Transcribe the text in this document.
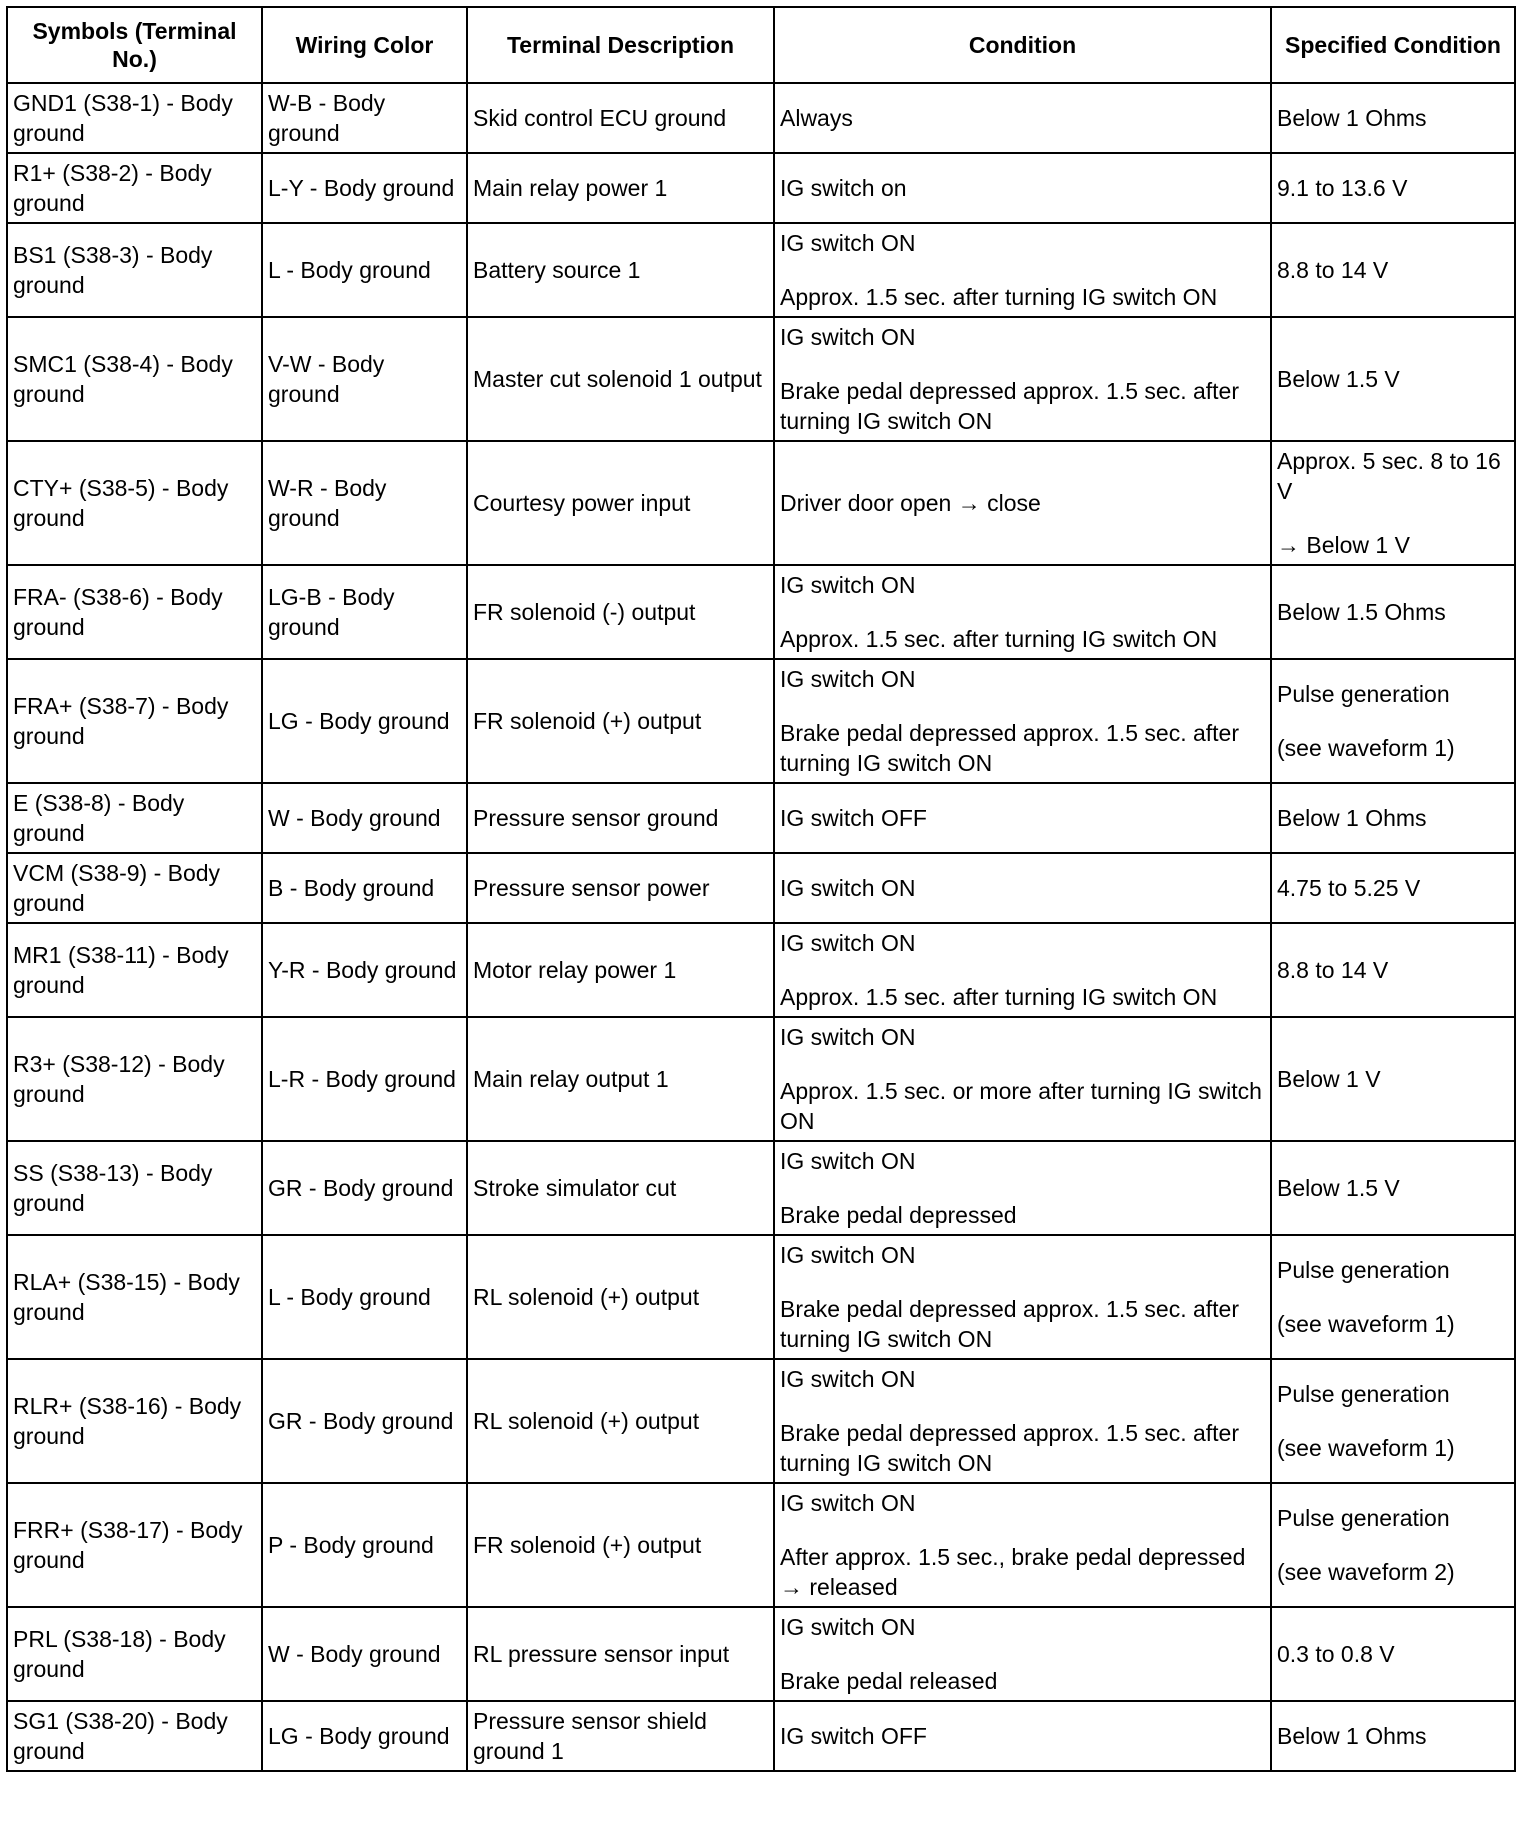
Symbols (Terminal No.)	Wiring Color	Terminal Description	Condition	Specified Condition
GND1 (S38-1) - Body ground	W-B - Body ground	Skid control ECU ground	Always	Below 1 Ohms

R1+ (S38-2) - Body ground	L-Y - Body ground	Main relay power 1	IG switch on	9.1 to 13.6 V

BS1 (S38-3) - Body ground	L - Body ground	Battery source 1	IG switch ON
Approx. 1.5 sec. after turning IG switch ON	8.8 to 14 V

SMC1 (S38-4) - Body ground	V-W - Body ground	Master cut solenoid 1 output	IG switch ON
Brake pedal depressed approx. 1.5 sec. after turning IG switch ON	Below 1.5 V

CTY+ (S38-5) - Body ground	W-R - Body ground	Courtesy power input	Driver door open → close	Approx. 5 sec. 8 to 16 V
→ Below 1 V

FRA- (S38-6) - Body ground	LG-B - Body ground	FR solenoid (-) output	IG switch ON
Approx. 1.5 sec. after turning IG switch ON	Below 1.5 Ohms

FRA+ (S38-7) - Body ground	LG - Body ground	FR solenoid (+) output	IG switch ON
Brake pedal depressed approx. 1.5 sec. after turning IG switch ON	Pulse generation
(see waveform 1)

E (S38-8) - Body ground	W - Body ground	Pressure sensor ground	IG switch OFF	Below 1 Ohms

VCM (S38-9) - Body ground	B - Body ground	Pressure sensor power	IG switch ON	4.75 to 5.25 V

MR1 (S38-11) - Body ground	Y-R - Body ground	Motor relay power 1	IG switch ON
Approx. 1.5 sec. after turning IG switch ON	8.8 to 14 V

R3+ (S38-12) - Body ground	L-R - Body ground	Main relay output 1	IG switch ON
Approx. 1.5 sec. or more after turning IG switch ON	Below 1 V

SS (S38-13) - Body ground	GR - Body ground	Stroke simulator cut	IG switch ON
Brake pedal depressed	Below 1.5 V

RLA+ (S38-15) - Body ground	L - Body ground	RL solenoid (+) output	IG switch ON
Brake pedal depressed approx. 1.5 sec. after turning IG switch ON	Pulse generation
(see waveform 1)

RLR+ (S38-16) - Body ground	GR - Body ground	RL solenoid (+) output	IG switch ON
Brake pedal depressed approx. 1.5 sec. after turning IG switch ON	Pulse generation
(see waveform 1)

FRR+ (S38-17) - Body ground	P - Body ground	FR solenoid (+) output	IG switch ON
After approx. 1.5 sec., brake pedal depressed → released	Pulse generation
(see waveform 2)

PRL (S38-18) - Body ground	W - Body ground	RL pressure sensor input	IG switch ON
Brake pedal released	0.3 to 0.8 V

SG1 (S38-20) - Body ground	LG - Body ground	Pressure sensor shield ground 1	IG switch OFF	Below 1 Ohms
